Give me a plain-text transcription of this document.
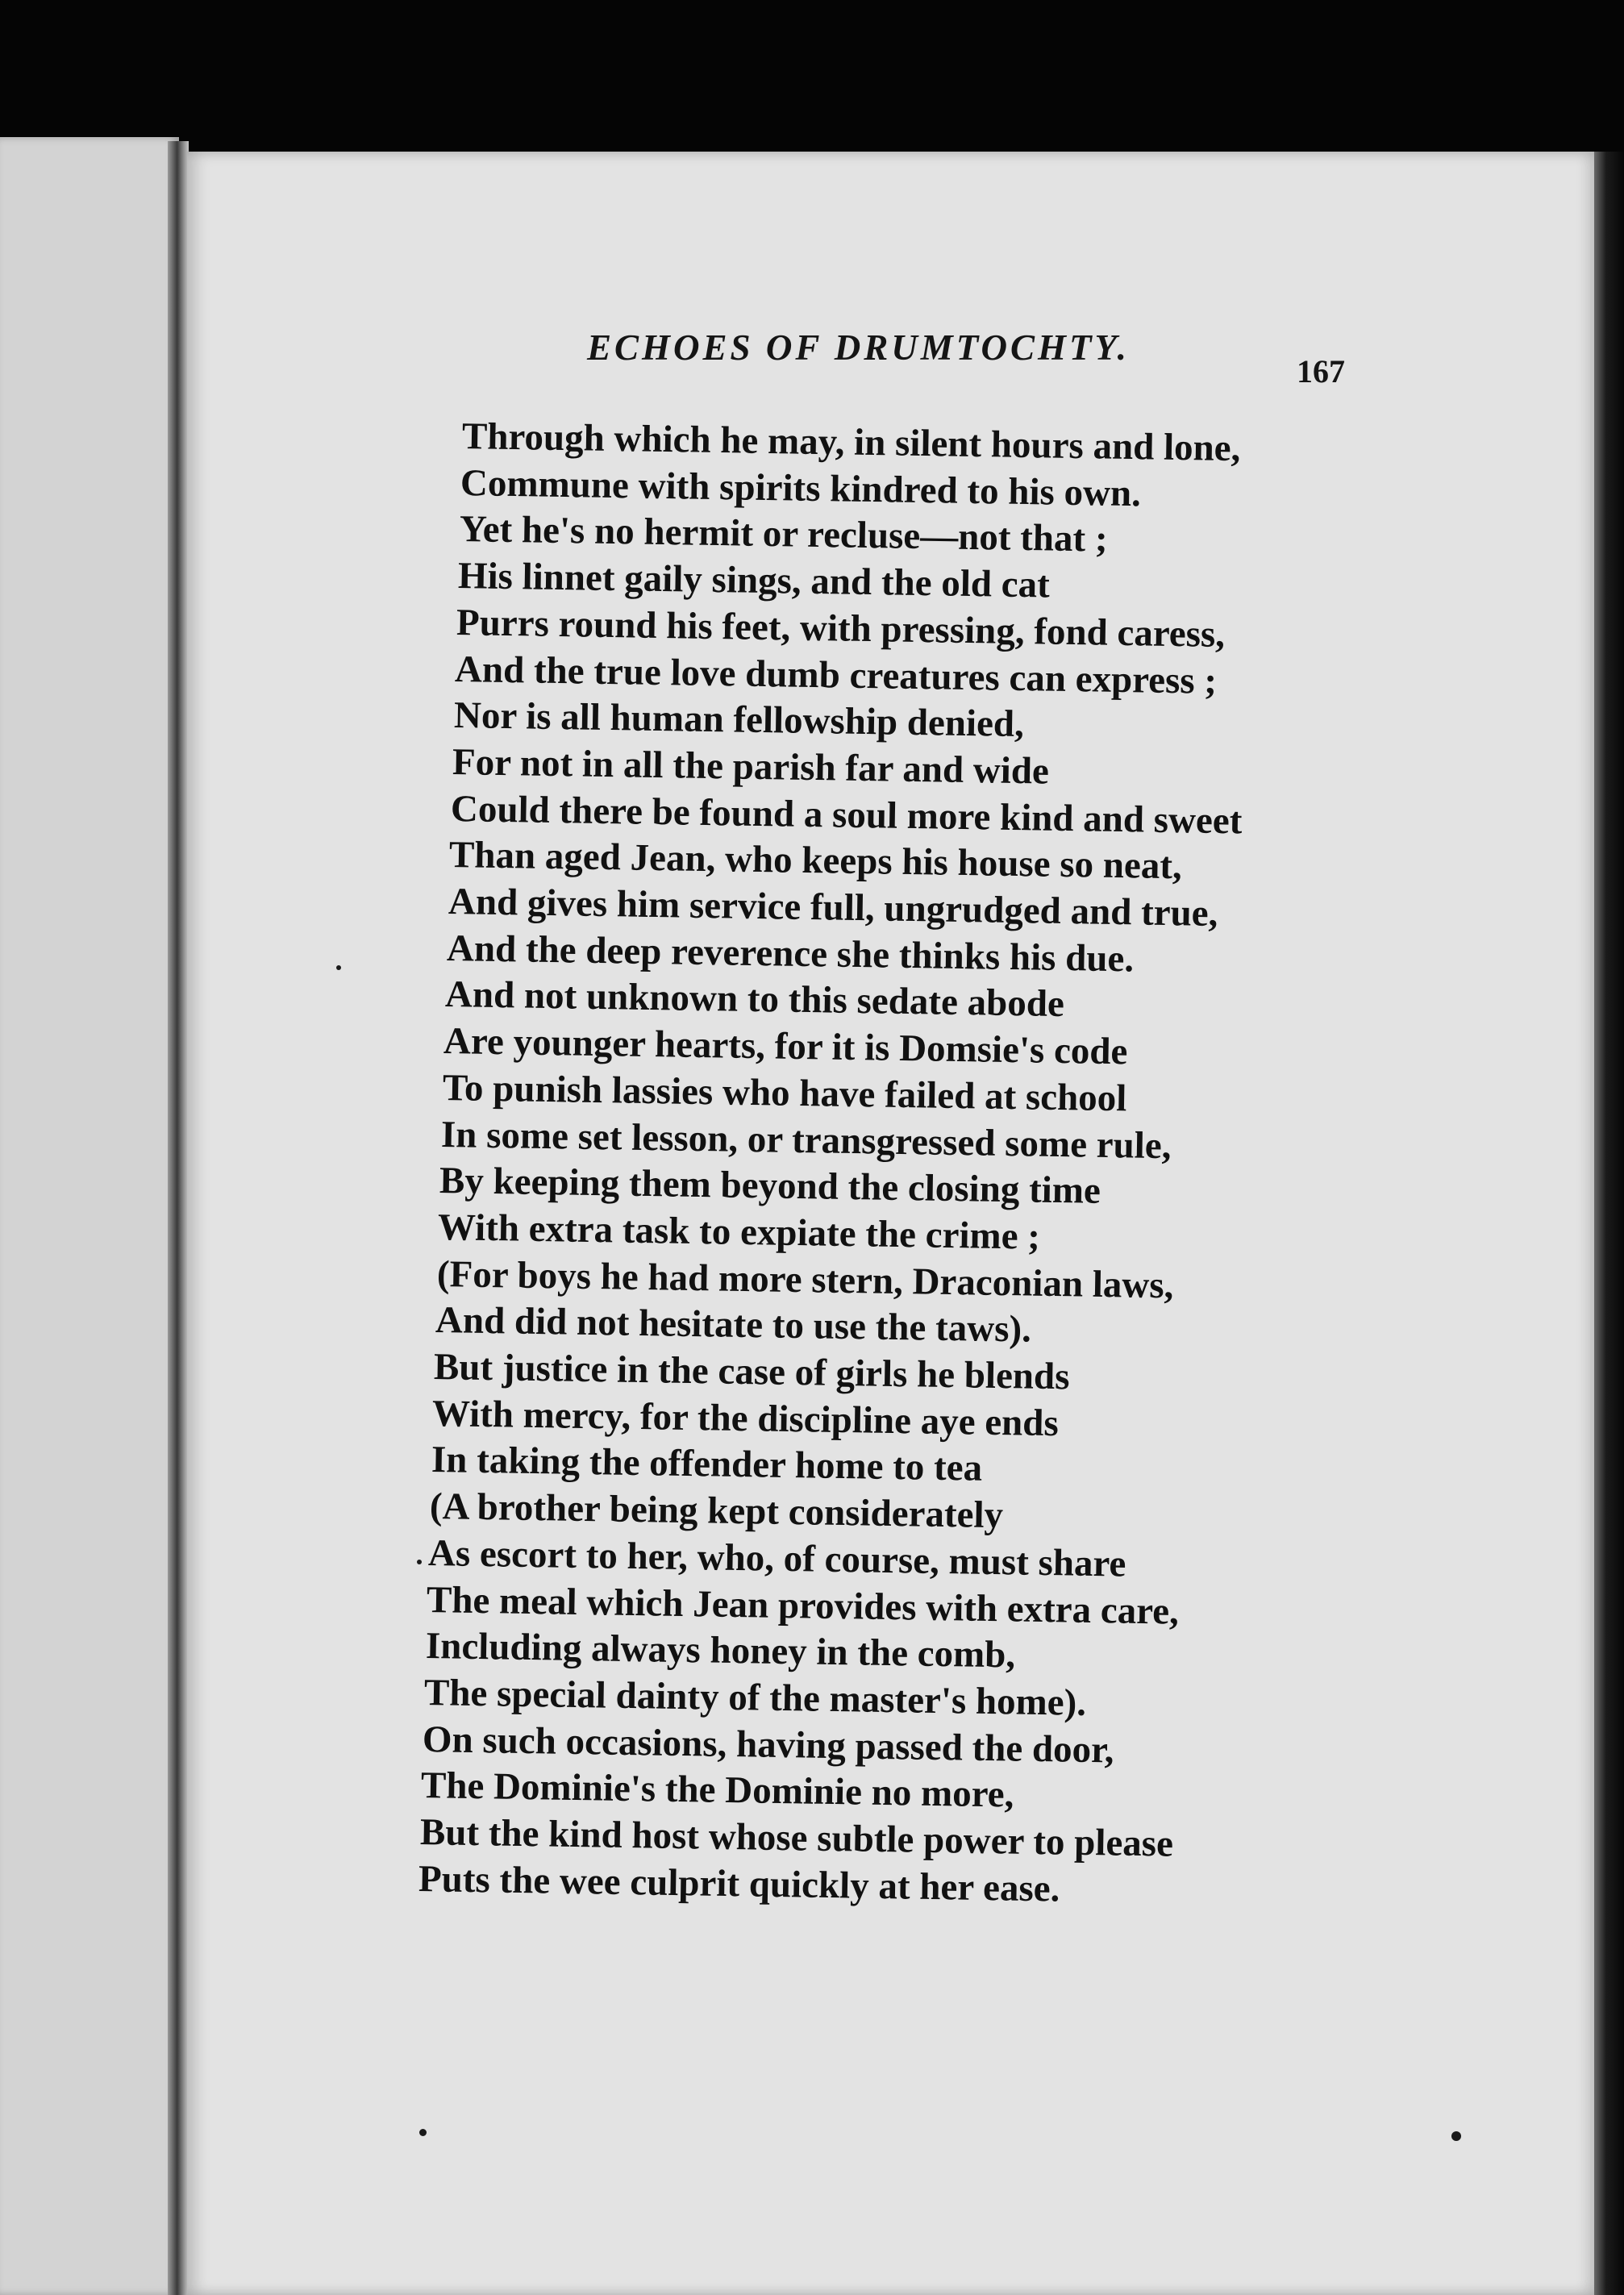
ECHOES OF DRUMTOCHTY.
167
Through which he may, in silent hours and lone,
Commune with spirits kindred to his own.
Yet he's no hermit or recluse—not that ;
His linnet gaily sings, and the old cat
Purrs round his feet, with pressing, fond caress,
And the true love dumb creatures can express ;
Nor is all human fellowship denied,
For not in all the parish far and wide
Could there be found a soul more kind and sweet
Than aged Jean, who keeps his house so neat,
And gives him service full, ungrudged and true,
And the deep reverence she thinks his due.
And not unknown to this sedate abode
Are younger hearts, for it is Domsie's code
To punish lassies who have failed at school
In some set lesson, or transgressed some rule,
By keeping them beyond the closing time
With extra task to expiate the crime ;
(For boys he had more stern, Draconian laws,
And did not hesitate to use the taws).
But justice in the case of girls he blends
With mercy, for the discipline aye ends
In taking the offender home to tea
(A brother being kept considerately
As escort to her, who, of course, must share
The meal which Jean provides with extra care,
Including always honey in the comb,
The special dainty of the master's home).
On such occasions, having passed the door,
The Dominie's the Dominie no more,
But the kind host whose subtle power to please
Puts the wee culprit quickly at her ease.
